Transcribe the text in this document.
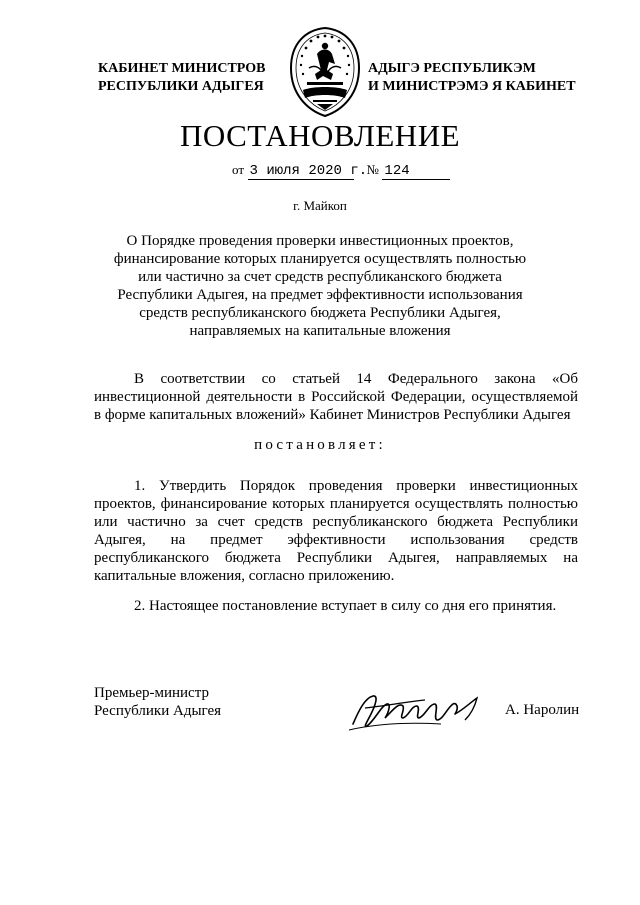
КАБИНЕТ МИНИСТРОВ
РЕСПУБЛИКИ АДЫГЕЯ
АДЫГЭ РЕСПУБЛИКЭМ
И МИНИСТРЭМЭ Я КАБИНЕТ
ПОСТАНОВЛЕНИЕ
от 3 июля 2020 г.  № 124
г. Майкоп
О Порядке проведения проверки инвестиционных проектов,
финансирование которых планируется осуществлять полностью
или частично за счет средств республиканского бюджета
Республики Адыгея, на предмет эффективности использования
средств республиканского бюджета Республики Адыгея,
направляемых на капитальные вложения

В соответствии со статьей 14 Федерального закона «Об инвестиционной деятельности в Российской Федерации, осуществляемой в форме капитальных вложений» Кабинет Министров Республики Адыгея

постановляет:

1. Утвердить Порядок проведения проверки инвестиционных проектов, финансирование которых планируется осуществлять полностью или частично за счет средств республиканского бюджета Республики Адыгея, на предмет эффективности использования средств республиканского бюджета Республики Адыгея, направляемых на капитальные вложения, согласно приложению.

2. Настоящее постановление вступает в силу со дня его принятия.

Премьер-министр
Республики Адыгея	А. Наролин
